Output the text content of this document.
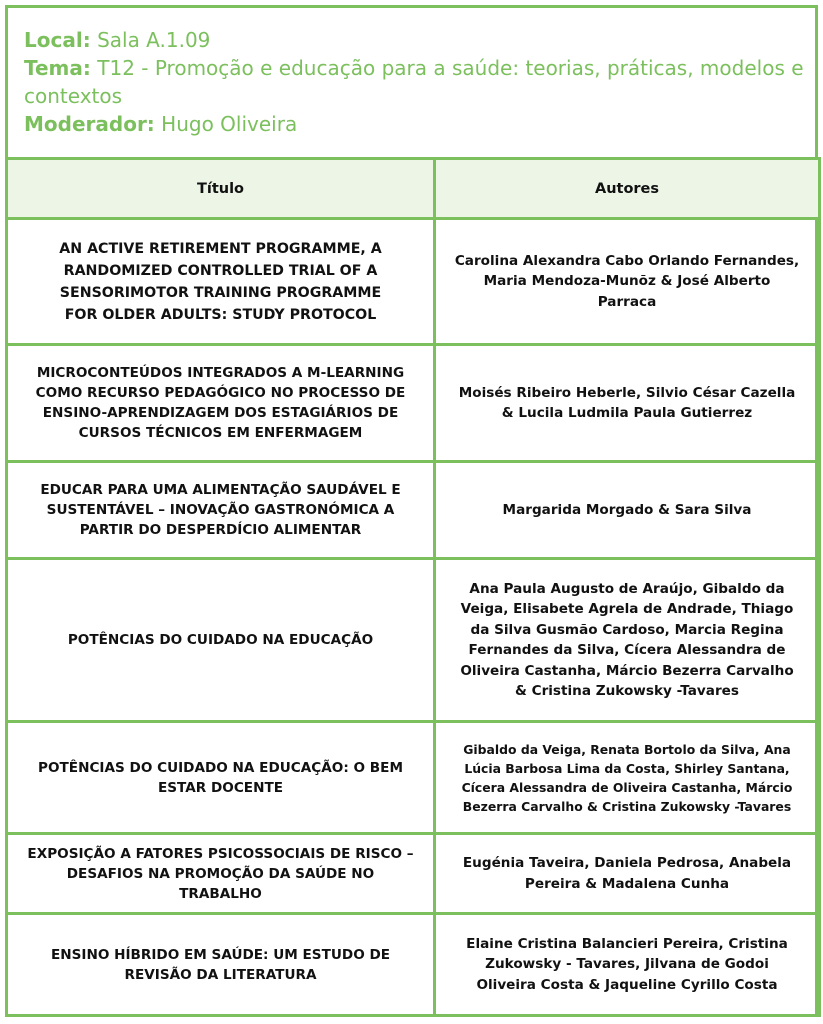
Local: Sala A.1.09

Tema: T12 - Promoção e educação para a saúde: teorias, práticas, modelos e contextos

Moderador: Hugo Oliveira

Título	Autores
AN ACTIVE RETIREMENT PROGRAMME, A RANDOMIZED CONTROLLED TRIAL OF A SENSORIMOTOR TRAINING PROGRAMME FOR OLDER ADULTS: STUDY PROTOCOL	Carolina Alexandra Cabo Orlando Fernandes, Maria Mendoza-Munõz & José Alberto Parraca
MICROCONTEÚDOS INTEGRADOS A M-LEARNING COMO RECURSO PEDAGÓGICO NO PROCESSO DE ENSINO-APRENDIZAGEM DOS ESTAGIÁRIOS DE CURSOS TÉCNICOS EM ENFERMAGEM	Moisés Ribeiro Heberle, Silvio César Cazella & Lucila Ludmila Paula Gutierrez
EDUCAR PARA UMA ALIMENTAÇÃO SAUDÁVEL E SUSTENTÁVEL – INOVAÇÃO GASTRONÓMICA A PARTIR DO DESPERDÍCIO ALIMENTAR	Margarida Morgado & Sara Silva
POTÊNCIAS DO CUIDADO NA EDUCAÇÃO	Ana Paula Augusto de Araújo, Gibaldo da Veiga, Elisabete Agrela de Andrade, Thiago da Silva Gusmão Cardoso, Marcia Regina Fernandes da Silva, Cícera Alessandra de Oliveira Castanha, Márcio Bezerra Carvalho & Cristina Zukowsky -Tavares
POTÊNCIAS DO CUIDADO NA EDUCAÇÃO: O BEM ESTAR DOCENTE	Gibaldo da Veiga, Renata Bortolo da Silva, Ana Lúcia Barbosa Lima da Costa, Shirley Santana, Cícera Alessandra de Oliveira Castanha, Márcio Bezerra Carvalho & Cristina Zukowsky -Tavares
EXPOSIÇÃO A FATORES PSICOSSOCIAIS DE RISCO – DESAFIOS NA PROMOÇÃO DA SAÚDE NO TRABALHO	Eugénia Taveira, Daniela Pedrosa, Anabela Pereira & Madalena Cunha
ENSINO HÍBRIDO EM SAÚDE: UM ESTUDO DE REVISÃO DA LITERATURA	Elaine Cristina Balancieri Pereira, Cristina Zukowsky - Tavares, Jilvana de Godoi Oliveira Costa & Jaqueline Cyrillo Costa
